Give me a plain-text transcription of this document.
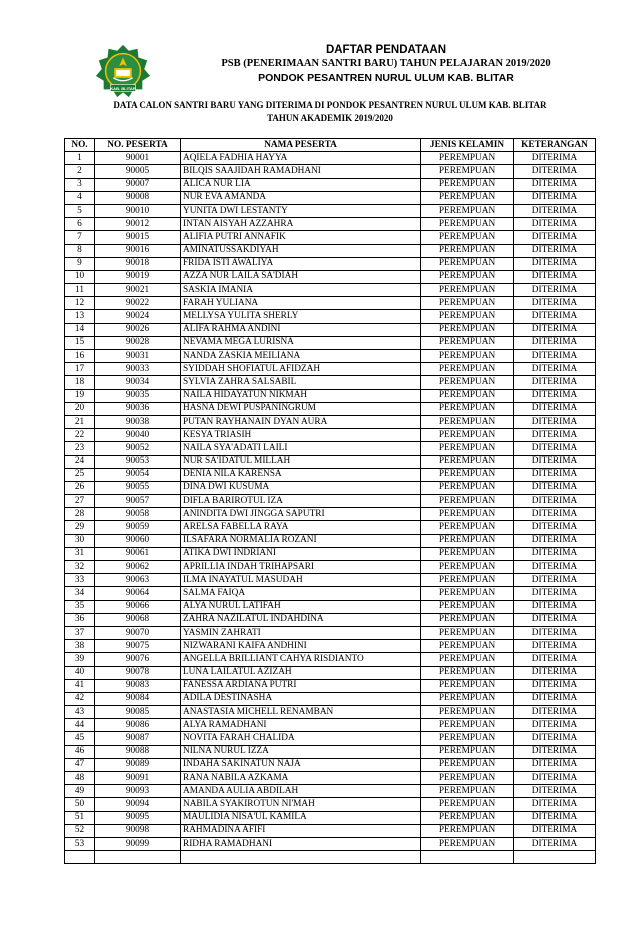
KAB. BLITAR
DAFTAR PENDATAAN
PSB (PENERIMAAN SANTRI BARU) TAHUN PELAJARAN 2019/2020
PONDOK PESANTREN NURUL ULUM KAB. BLITAR
DATA CALON SANTRI BARU YANG DITERIMA DI PONDOK PESANTREN NURUL ULUM KAB. BLITAR
TAHUN AKADEMIK 2019/2020
NO.	NO. PESERTA	NAMA PESERTA	JENIS KELAMIN	KETERANGAN
1	90001	AQIELA FADHIA HAYYA	PEREMPUAN	DITERIMA
2	90005	BILQIS SAAJIDAH RAMADHANI	PEREMPUAN	DITERIMA
3	90007	ALICA NUR LIA	PEREMPUAN	DITERIMA
4	90008	NUR EVA AMANDA	PEREMPUAN	DITERIMA
5	90010	YUNITA DWI LESTANTY	PEREMPUAN	DITERIMA
6	90012	INTAN AISYAH AZZAHRA	PEREMPUAN	DITERIMA
7	90015	ALIFIA PUTRI ANNAFIK	PEREMPUAN	DITERIMA
8	90016	AMINATUSSAKDIYAH	PEREMPUAN	DITERIMA
9	90018	FRIDA ISTI AWALIYA	PEREMPUAN	DITERIMA
10	90019	AZZA NUR LAILA SA'DIAH	PEREMPUAN	DITERIMA
11	90021	SASKIA IMANIA	PEREMPUAN	DITERIMA
12	90022	FARAH YULIANA	PEREMPUAN	DITERIMA
13	90024	MELLYSA YULITA SHERLY	PEREMPUAN	DITERIMA
14	90026	ALIFA RAHMA ANDINI	PEREMPUAN	DITERIMA
15	90028	NEVAMA MEGA LURISNA	PEREMPUAN	DITERIMA
16	90031	NANDA ZASKIA MEILIANA	PEREMPUAN	DITERIMA
17	90033	SYIDDAH SHOFIATUL AFIDZAH	PEREMPUAN	DITERIMA
18	90034	SYLVIA ZAHRA SALSABIL	PEREMPUAN	DITERIMA
19	90035	NAILA HIDAYATUN NIKMAH	PEREMPUAN	DITERIMA
20	90036	HASNA DEWI PUSPANINGRUM	PEREMPUAN	DITERIMA
21	90038	PUTAN RAYHANAIN DYAN AURA	PEREMPUAN	DITERIMA
22	90040	KESYA TRIASIH	PEREMPUAN	DITERIMA
23	90052	NAILA SYA'ADATI LAILI	PEREMPUAN	DITERIMA
24	90053	NUR SA'IDATUL MILLAH	PEREMPUAN	DITERIMA
25	90054	DENIA NILA KARENSA	PEREMPUAN	DITERIMA
26	90055	DINA DWI KUSUMA	PEREMPUAN	DITERIMA
27	90057	DIFLA BARIROTUL IZA	PEREMPUAN	DITERIMA
28	90058	ANINDITA DWI JINGGA SAPUTRI	PEREMPUAN	DITERIMA
29	90059	ARELSA FABELLA RAYA	PEREMPUAN	DITERIMA
30	90060	ILSAFARA NORMALIA ROZANI	PEREMPUAN	DITERIMA
31	90061	ATIKA DWI INDRIANI	PEREMPUAN	DITERIMA
32	90062	APRILLIA INDAH TRIHAPSARI	PEREMPUAN	DITERIMA
33	90063	ILMA INAYATUL MASUDAH	PEREMPUAN	DITERIMA
34	90064	SALMA FAIQA	PEREMPUAN	DITERIMA
35	90066	ALYA NURUL LATIFAH	PEREMPUAN	DITERIMA
36	90068	ZAHRA NAZILATUL INDAHDINA	PEREMPUAN	DITERIMA
37	90070	YASMIN ZAHRATI	PEREMPUAN	DITERIMA
38	90075	NIZWARANI KAIFA ANDHINI	PEREMPUAN	DITERIMA
39	90076	ANGELLA BRILLIANT CAHYA RISDIANTO	PEREMPUAN	DITERIMA
40	90078	LUNA LAILATUL AZIZAH	PEREMPUAN	DITERIMA
41	90083	FANESSA ARDIANA PUTRI	PEREMPUAN	DITERIMA
42	90084	ADILA DESTINASHA	PEREMPUAN	DITERIMA
43	90085	ANASTASIA MICHELL RENAMBAN	PEREMPUAN	DITERIMA
44	90086	ALYA RAMADHANI	PEREMPUAN	DITERIMA
45	90087	NOVITA FARAH CHALIDA	PEREMPUAN	DITERIMA
46	90088	NILNA NURUL IZZA	PEREMPUAN	DITERIMA
47	90089	INDAHA SAKINATUN NAJA	PEREMPUAN	DITERIMA
48	90091	RANA NABILA AZKAMA	PEREMPUAN	DITERIMA
49	90093	AMANDA AULIA ABDILAH	PEREMPUAN	DITERIMA
50	90094	NABILA SYAKIROTUN NI'MAH	PEREMPUAN	DITERIMA
51	90095	MAULIDIA NISA'UL KAMILA	PEREMPUAN	DITERIMA
52	90098	RAHMADINA AFIFI	PEREMPUAN	DITERIMA
53	90099	RIDHA RAMADHANI	PEREMPUAN	DITERIMA
